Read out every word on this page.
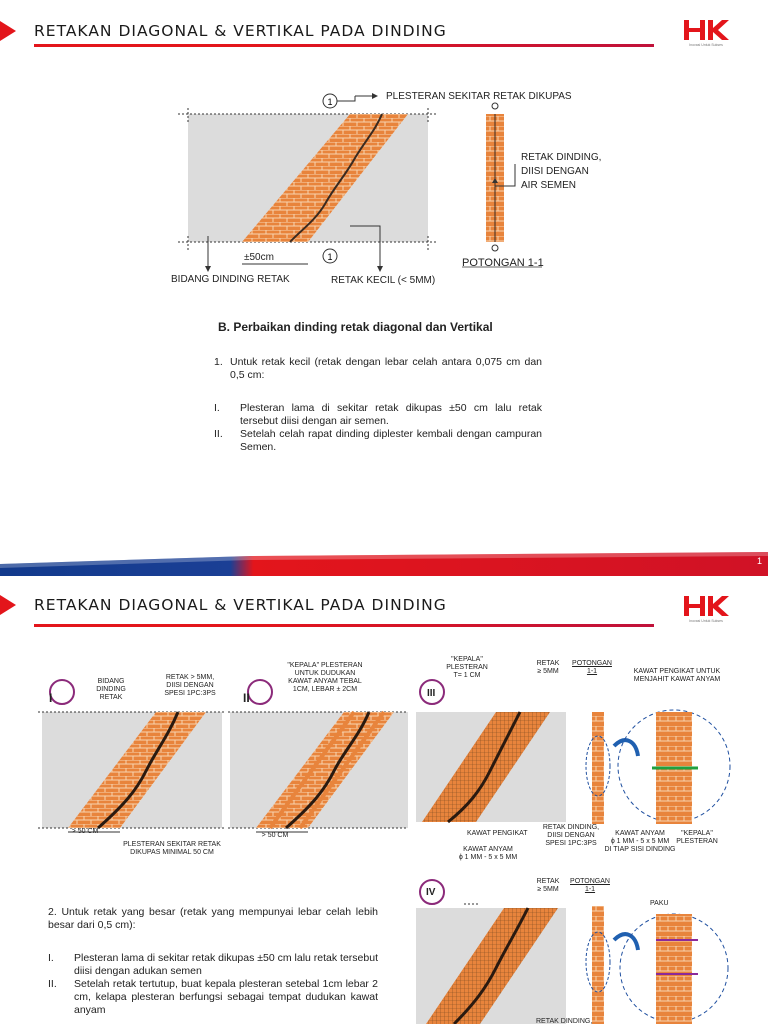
RETAKAN DIAGONAL & VERTIKAL PADA DINDING
Inovasi Untuk Sukses
1
1
PLESTERAN SEKITAR RETAK DIKUPAS
BIDANG DINDING RETAK	RETAK KECIL (< 5MM)
±50cm
RETAK DINDING,
DIISI DENGAN
AIR SEMEN
POTONGAN 1-1
B. Perbaikan dinding retak diagonal dan Vertikal
1. Untuk retak kecil (retak dengan lebar celah antara 0,075 cm dan 0,5 cm:
I. Plesteran lama di sekitar retak dikupas ±50 cm lalu retak tersebut diisi dengan air semen.
II. Setelah celah rapat dinding diplester kembali dengan campuran Semen.
1
RETAKAN DIAGONAL & VERTIKAL PADA DINDING
Inovasi Untuk Sukses
I	II
BIDANG
DINDING
RETAK
RETAK > 5MM,
DIISI DENGAN
SPESI 1PC:3PS
> 50 CM
PLESTERAN SEKITAR RETAK
DIKUPAS MINIMAL 50 CM
"KEPALA" PLESTERAN
UNTUK DUDUKAN
KAWAT ANYAM TEBAL
1CM, LEBAR ± 2CM
> 50 CM
III
"KEPALA"
PLESTERAN
T= 1 CM
RETAK
≥ 5MM
POTONGAN
1-1	KAWAT PENGIKAT UNTUK
MENJAHIT KAWAT ANYAM
KAWAT PENGIKAT
KAWAT ANYAM
ϕ 1 MM - 5 x 5 MM
RETAK DINDING,
DIISI DENGAN
SPESI 1PC:3PS
KAWAT ANYAM
ϕ 1 MM - 5 x 5 MM
DI TIAP SISI DINDING
"KEPALA"
PLESTERAN
IV
RETAK
≥ 5MM
POTONGAN
1-1
PAKU
RETAK DINDING,
2. Untuk retak yang besar (retak yang mempunyai lebar celah lebih besar dari 0,5 cm):
I. Plesteran lama di sekitar retak dikupas ±50 cm lalu retak tersebut diisi dengan adukan semen
II. Setelah retak tertutup, buat kepala plesteran setebal 1cm lebar 2 cm, kelapa plesteran berfungsi sebagai tempat dudukan kawat anyam
